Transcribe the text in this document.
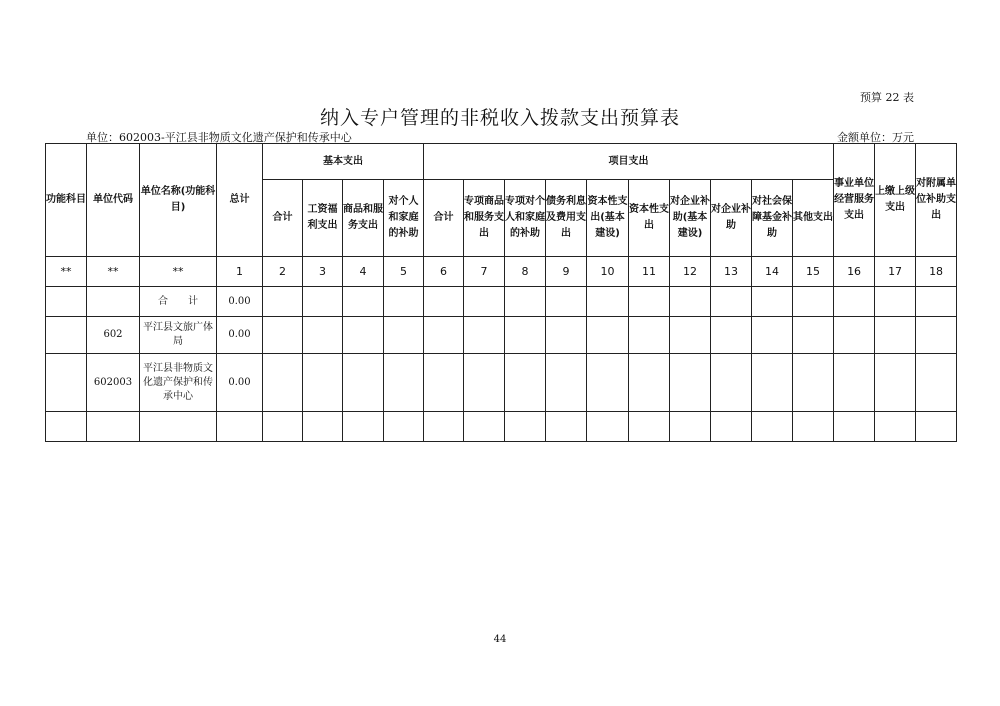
预算 22 表
纳入专户管理的非税收入拨款支出预算表
单位：602003-平江县非物质文化遗产保护和传承中心	金额单位：万元
功能科目	单位代码	单位名称(功能科目)	总计	基本支出				项目支出										事业单位经营服务支出	上缴上级支出	对附属单位补助支出
				合计	工资福利支出	商品和服务支出	对个人和家庭的补助	合计	专项商品和服务支出	专项对个人和家庭的补助	债务利息及费用支出	资本性支出(基本建设)	资本性支出	对企业补助(基本建设)	对企业补助	对社会保障基金补助	其他支出			
**	**	**	1	2	3	4	5	6	7	8	9	10	11	12	13	14	15	16	17	18
		合　　计	0.00																	
	602	平江县文旅广体局	0.00																	
	602003	平江县非物质文化遗产保护和传承中心	0.00																	

44
